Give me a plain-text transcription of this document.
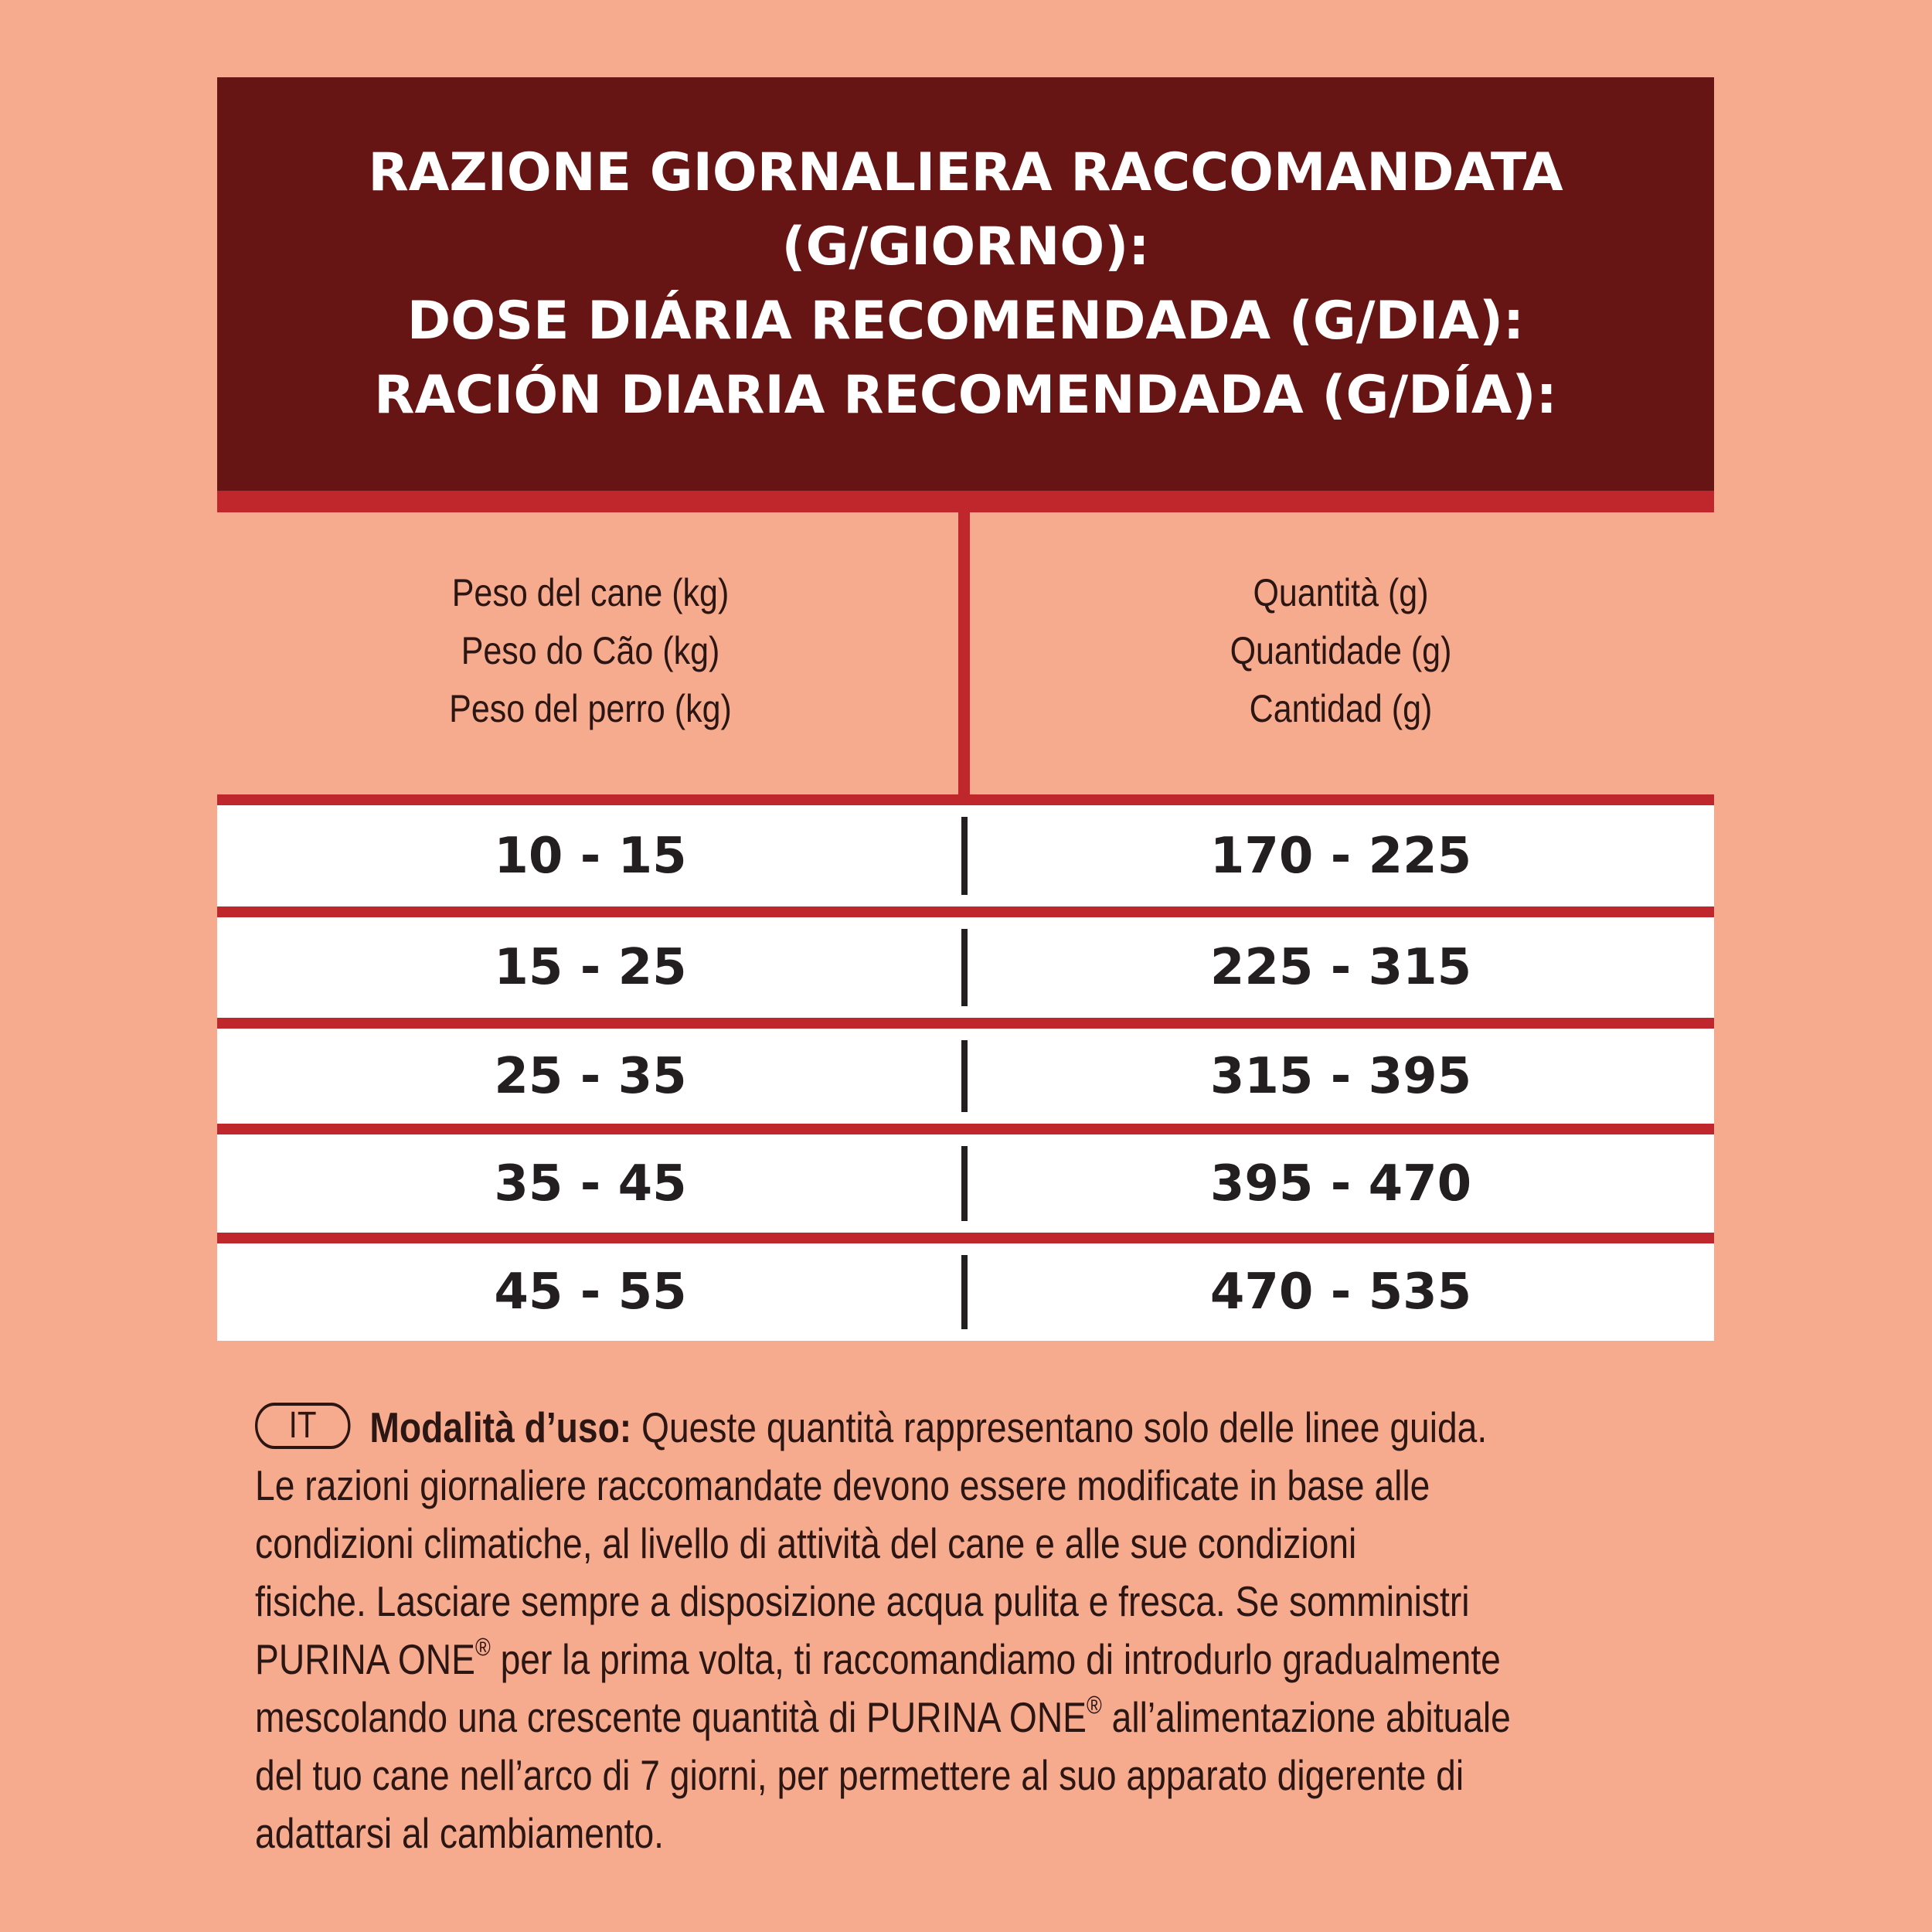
RAZIONE GIORNALIERA RACCOMANDATA
(G/GIORNO):
DOSE DIÁRIA RECOMENDADA (G/DIA):
RACIÓN DIARIA RECOMENDADA (G/DÍA):
Peso del cane (kg)
Peso do Cão (kg)
Peso del perro (kg)
Quantità (g)
Quantidade (g)
Cantidad (g)
10 - 15	170 - 225
15 - 25	225 - 315
25 - 35	315 - 395
35 - 45	395 - 470
45 - 55	470 - 535
IT Modalità d’uso: Queste quantità rappresentano solo delle linee guida.
Le razioni giornaliere raccomandate devono essere modificate in base alle
condizioni climatiche, al livello di attività del cane e alle sue condizioni
fisiche. Lasciare sempre a disposizione acqua pulita e fresca. Se somministri
PURINA ONE® per la prima volta, ti raccomandiamo di introdurlo gradualmente
mescolando una crescente quantità di PURINA ONE® all’alimentazione abituale
del tuo cane nell’arco di 7 giorni, per permettere al suo apparato digerente di
adattarsi al cambiamento.
